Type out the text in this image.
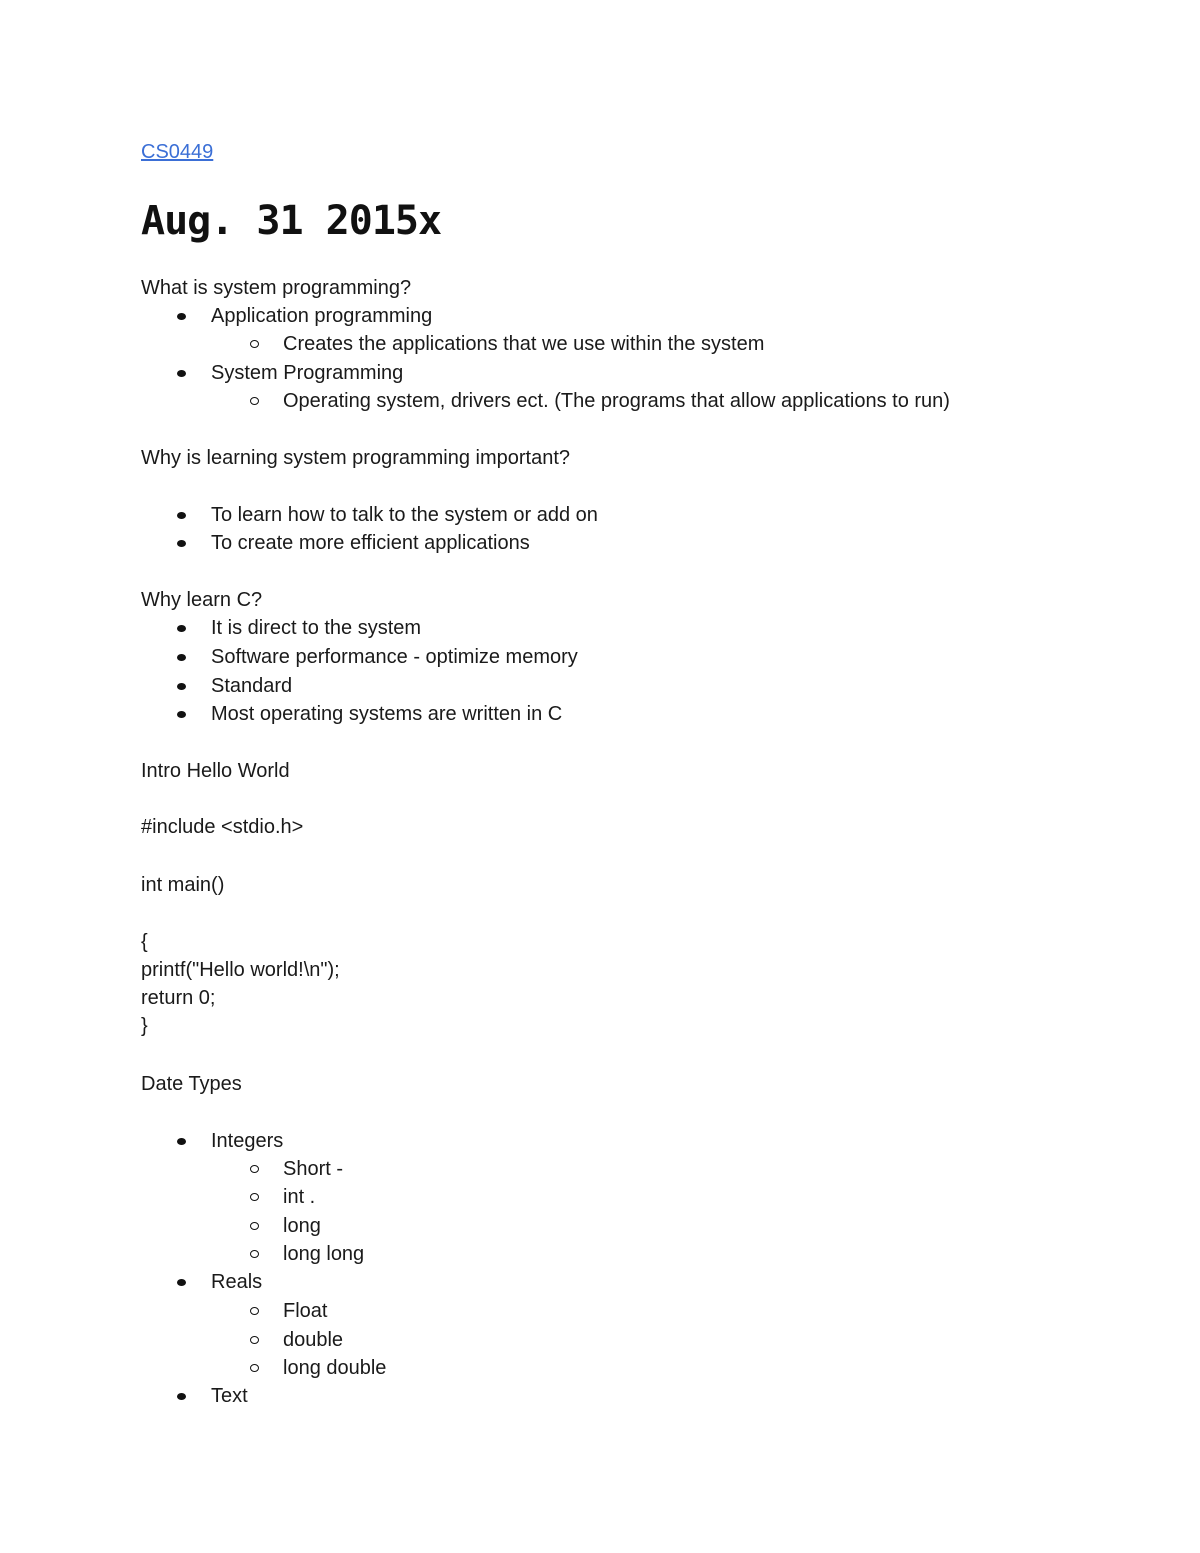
CS0449
Aug. 31 2015x
What is system programming?
Application programming
Creates the applications that we use within the system
System Programming
Operating system, drivers ect. (The programs that allow applications to run)
Why is learning system programming important?
To learn how to talk to the system or add on
To create more efficient applications
Why learn C?
It is direct to the system
Software performance - optimize memory
Standard
Most operating systems are written in C
Intro Hello World
#include <stdio.h>
int main()
{
printf("Hello world!\n");
return 0;
}
Date Types
Integers
Short -
int .
long
long long
Reals
Float
double
long double
Text
